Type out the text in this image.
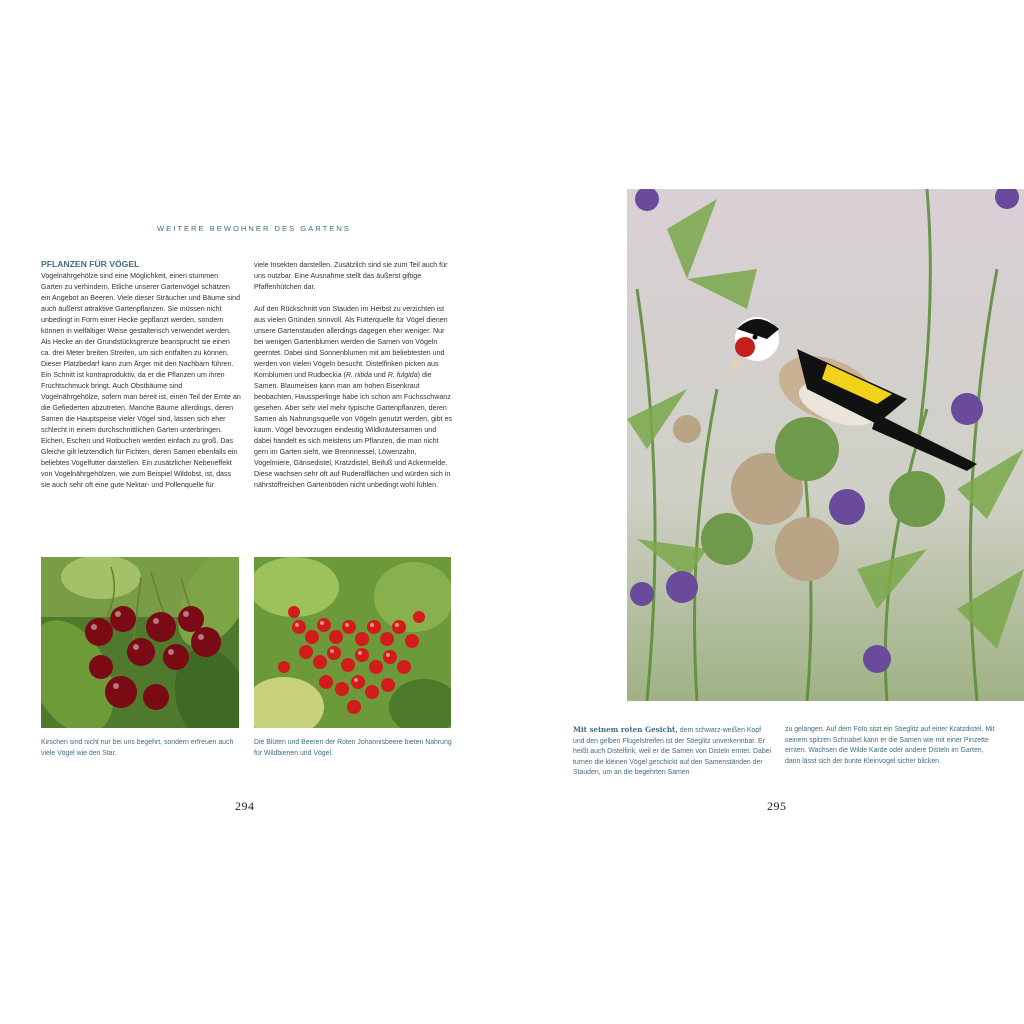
WEITERE BEWOHNER DES GARTENS
PFLANZEN FÜR VÖGEL

Vogelnährgehölze sind eine Möglichkeit, einen stummen Garten zu verhindern. Etliche unserer Gartenvögel schätzen ein Angebot an Beeren. Viele dieser Sträucher und Bäume sind auch äußerst attraktive Gartenpflanzen. Sie müssen nicht unbedingt in Form einer Hecke gepflanzt werden, sondern können in vielfältiger Weise gestalterisch verwendet werden. Als Hecke an der Grundstücksgrenze beansprucht sie einen ca. drei Meter breiten Streifen, um sich entfalten zu können. Dieser Platzbedarf kann zum Ärger mit den Nachbarn führen. Ein Schnitt ist kontraproduktiv, da er die Pflanzen um ihren Fruchtschmuck bringt. Auch Obstbäume sind Vogelnährgehölze, sofern man bereit ist, einen Teil der Ernte an die Gefiederten abzutreten. Manche Bäume allerdings, deren Samen die Hauptspeise vieler Vögel sind, lassen sich eher schlecht in einem durchschnittlichen Garten unterbringen. Eichen, Eschen und Rotbuchen werden einfach zu groß. Das Gleiche gilt letztendlich für Fichten, deren Samen ebenfalls ein beliebtes Vogelfutter darstellen. Ein zusätzlicher Nebeneffekt von Vogelnährgehölzen, wie zum Beispiel Wildobst, ist, dass sie auch sehr oft eine gute Nektar- und Pollenquelle für

viele Insekten darstellen. Zusätzlich sind sie zum Teil auch für uns nutzbar. Eine Ausnahme stellt das äußerst giftige Pfaffenhütchen dar.

Auf den Rückschnitt von Stauden im Herbst zu verzichten ist aus vielen Gründen sinnvoll. Als Futterquelle für Vögel dienen unsere Gartenstauden allerdings dagegen eher weniger. Nur bei wenigen Gartenblumen werden die Samen von Vögeln geerntet. Dabei sind Sonnenblumen mit am beliebtesten und werden von vielen Vögeln besucht. Distelfinken picken aus Kornblumen und Rudbeckia (R. nitida und R. fulgida) die Samen. Blaumeisen kann man am hohen Eisenkraut beobachten, Haussperlinge habe ich schon am Fuchsschwanz gesehen. Aber sehr viel mehr typische Gartenpflanzen, deren Samen als Nahrungsquelle von Vögeln genutzt werden, gibt es kaum. Vögel bevorzugen eindeutig Wildkräutersamen und dabei handelt es sich meistens um Pflanzen, die man nicht gern im Garten sieht, wie Brennnessel, Löwenzahn, Vogelmiere, Gänsedistel, Kratzdistel, Beifuß und Ackermelde. Diese wachsen sehr oft auf Ruderalflächen und würden sich in nährstoffreichen Gartenböden nicht unbedingt wohl fühlen.

Kirschen sind nicht nur bei uns begehrt, sondern erfreuen auch viele Vögel wie den Star.
Die Blüten und Beeren der Roten Johannisbeere bieten Nahrung für Wildbienen und Vögel.
294
Mit seinem roten Gesicht, dem schwarz-weißen Kopf und den gelben Flügelstreifen ist der Stieglitz unverkennbar. Er heißt auch Distelfink, weil er die Samen von Disteln erntet. Dabei turnen die kleinen Vögel geschickt auf den Samenständen der Stauden, um an die begehrten Samen
zu gelangen. Auf dem Foto sitzt ein Stieglitz auf einer Kratzdistel. Mit seinem spitzen Schnabel kann er die Samen wie mit einer Pinzette ernten. Wachsen die Wilde Karde oder andere Disteln im Garten, dann lässt sich der bunte Kleinvogel sicher blicken.
295
